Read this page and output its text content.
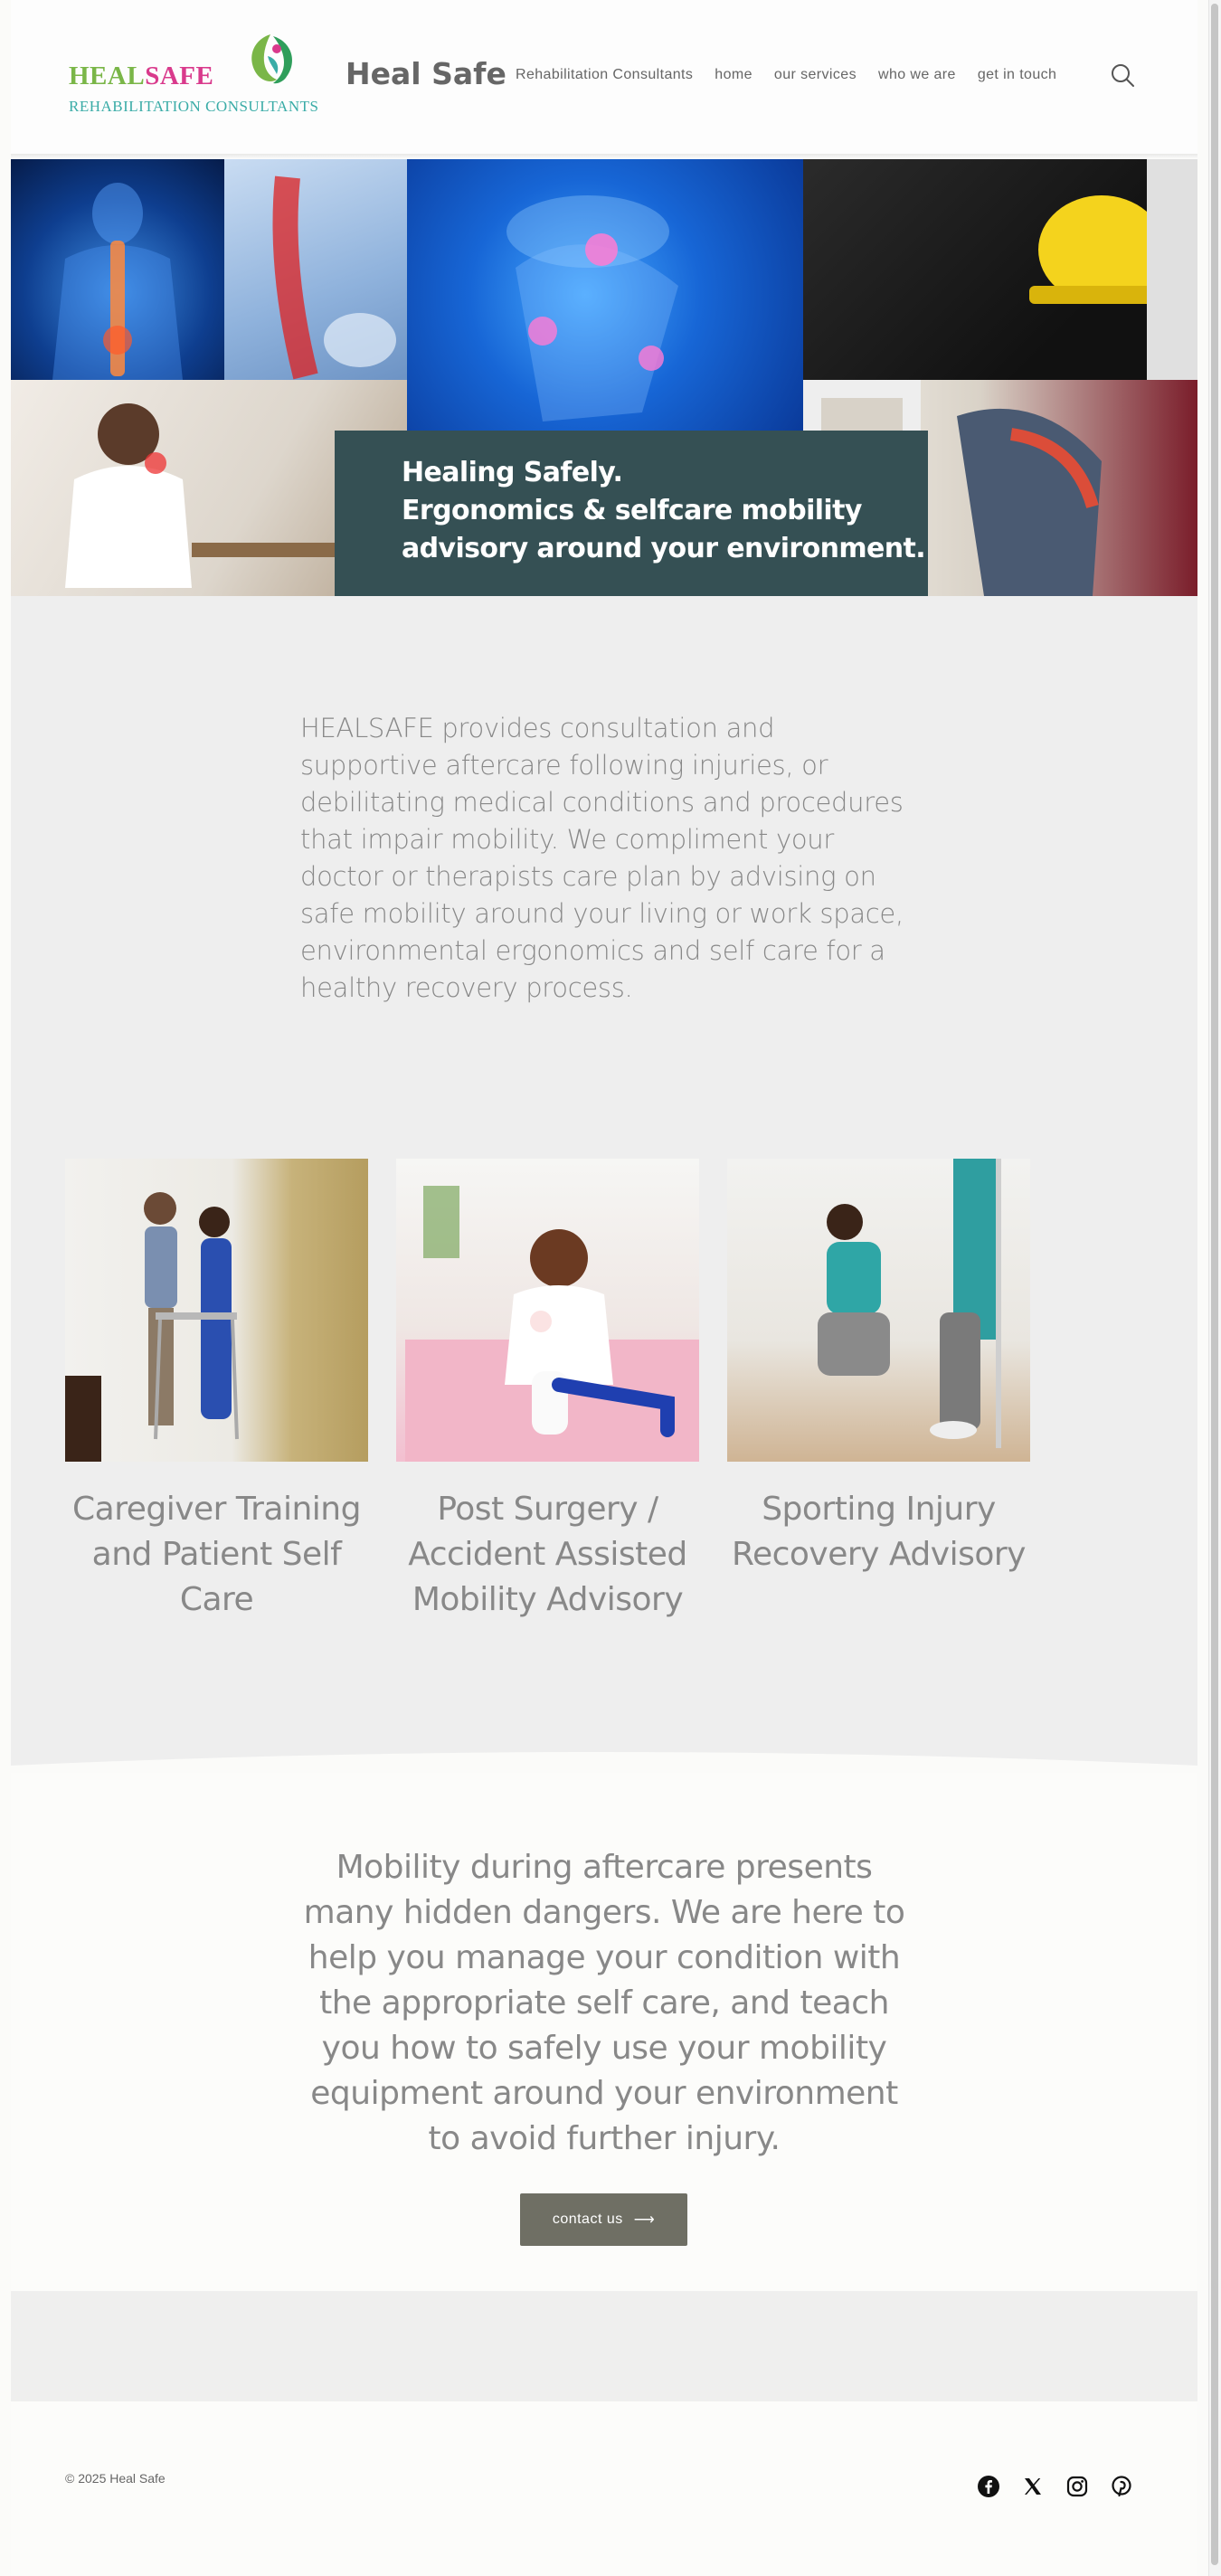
HEALSAFE
REHABILITATION CONSULTANTS
Heal Safe Rehabilitation Consultants home our services who we are get in touch
Healing Safely.
Ergonomics & selfcare mobility
advisory around your environment.

HEALSAFE provides consultation and supportive aftercare following injuries, or debilitating medical conditions and procedures that impair mobility. We compliment your doctor or therapists care plan by advising on safe mobility around your living or work space, environmental ergonomics and self care for a healthy recovery process.

Caregiver Training and Patient Self Care
Post Surgery / Accident Assisted Mobility Advisory
Sporting Injury Recovery Advisory

Mobility during aftercare presents many hidden dangers. We are here to help you manage your condition with the appropriate self care, and teach you how to safely use your mobility equipment around your environment to avoid further injury.

contact us ⟶
© 2025 Heal Safe
